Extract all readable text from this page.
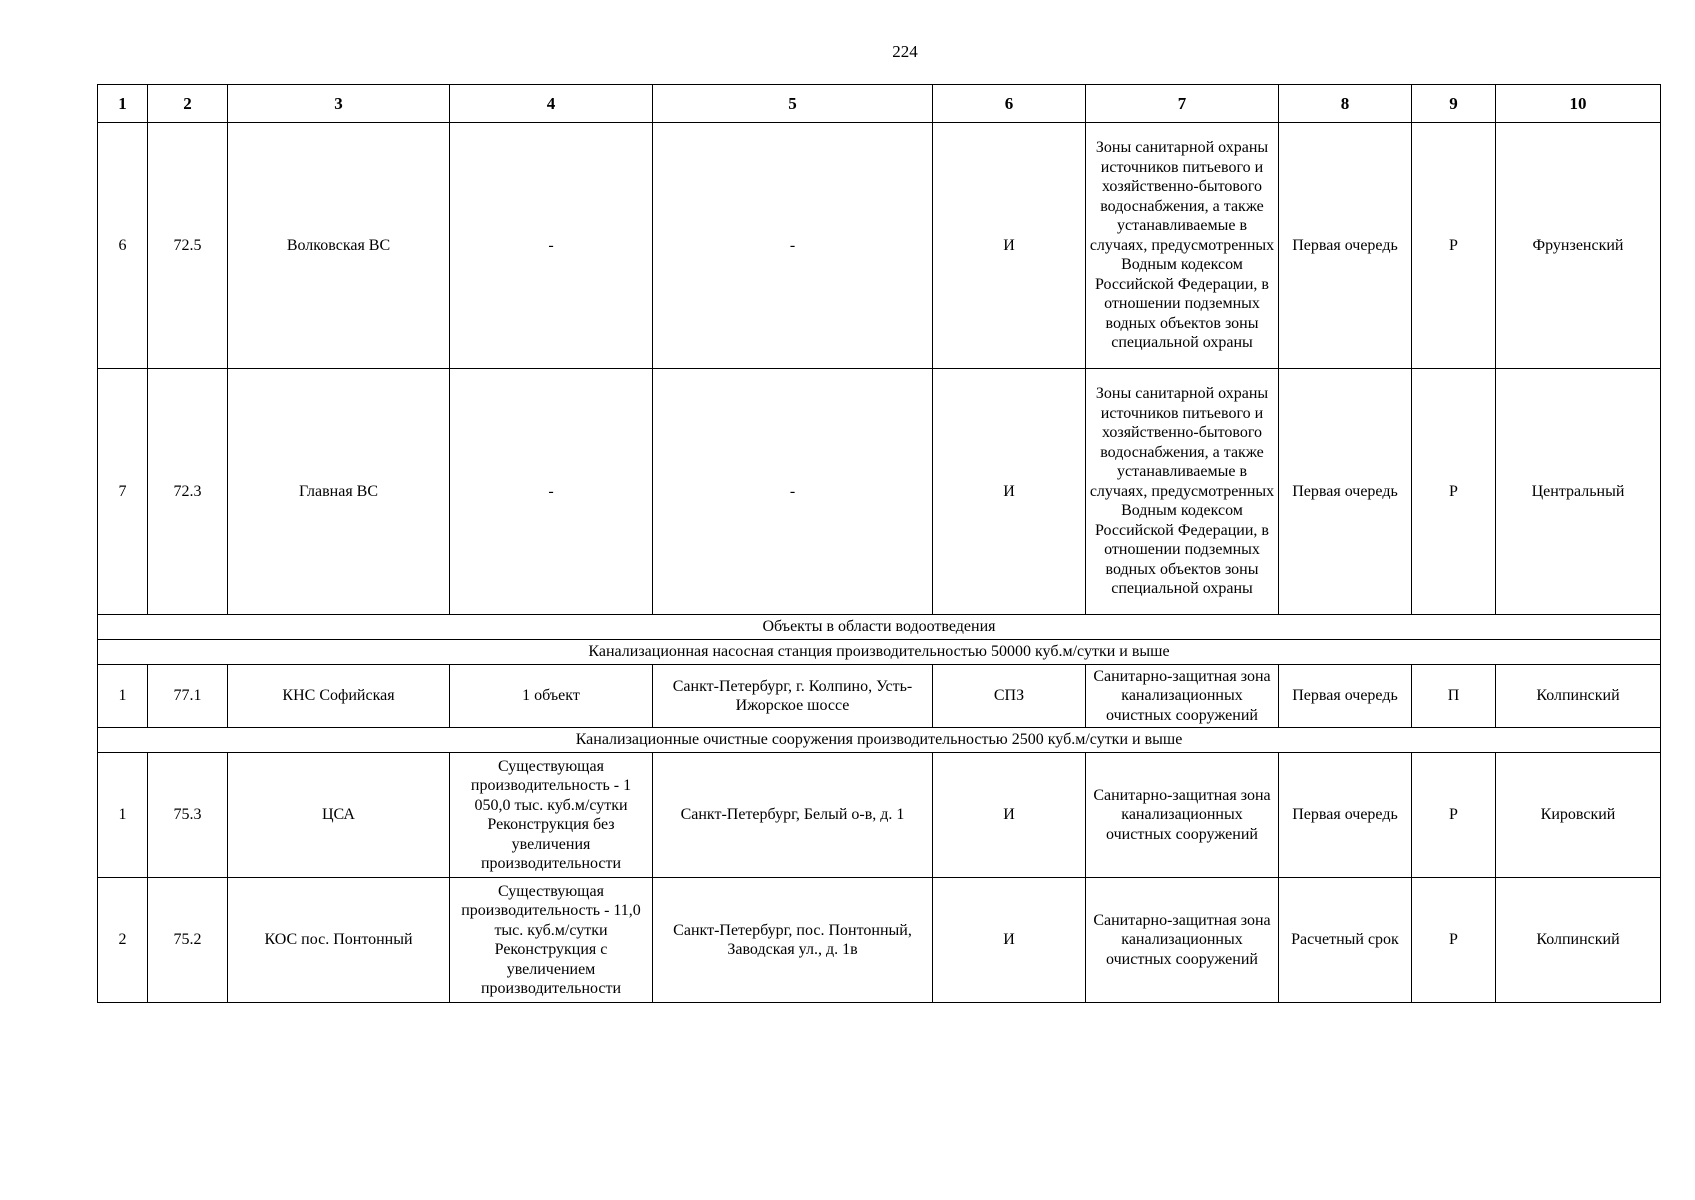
224
1	2	3	4	5	6	7	8	9	10
6	72.5	Волковская ВС	-	-	И	Зоны санитарной охраны источников питьевого и хозяйственно-бытового водоснабжения, а также устанавливаемые в случаях, предусмотренных Водным кодексом Российской Федерации, в отношении подземных водных объектов зоны специальной охраны	Первая очередь	Р	Фрунзенский
7	72.3	Главная ВС	-	-	И	Зоны санитарной охраны источников питьевого и хозяйственно-бытового водоснабжения, а также устанавливаемые в случаях, предусмотренных Водным кодексом Российской Федерации, в отношении подземных водных объектов зоны специальной охраны	Первая очередь	Р	Центральный
Объекты в области водоотведения									
Канализационная насосная станция производительностью 50000 куб.м/сутки и выше									
1	77.1	КНС Софийская	1 объект	Санкт-Петербург, г. Колпино, Усть-Ижорское шоссе	СПЗ	Санитарно-защитная зона канализационных очистных сооружений	Первая очередь	П	Колпинский
Канализационные очистные сооружения производительностью 2500 куб.м/сутки и выше									
1	75.3	ЦСА	Существующая производительность - 1 050,0 тыс. куб.м/сутки Реконструкция без увеличения производительности	Санкт-Петербург, Белый о-в, д. 1	И	Санитарно-защитная зона канализационных очистных сооружений	Первая очередь	Р	Кировский
2	75.2	КОС пос. Понтонный	Существующая производительность - 11,0 тыс. куб.м/сутки Реконструкция с увеличением производительности	Санкт-Петербург, пос. Понтонный, Заводская ул., д. 1в	И	Санитарно-защитная зона канализационных очистных сооружений	Расчетный срок	Р	Колпинский
